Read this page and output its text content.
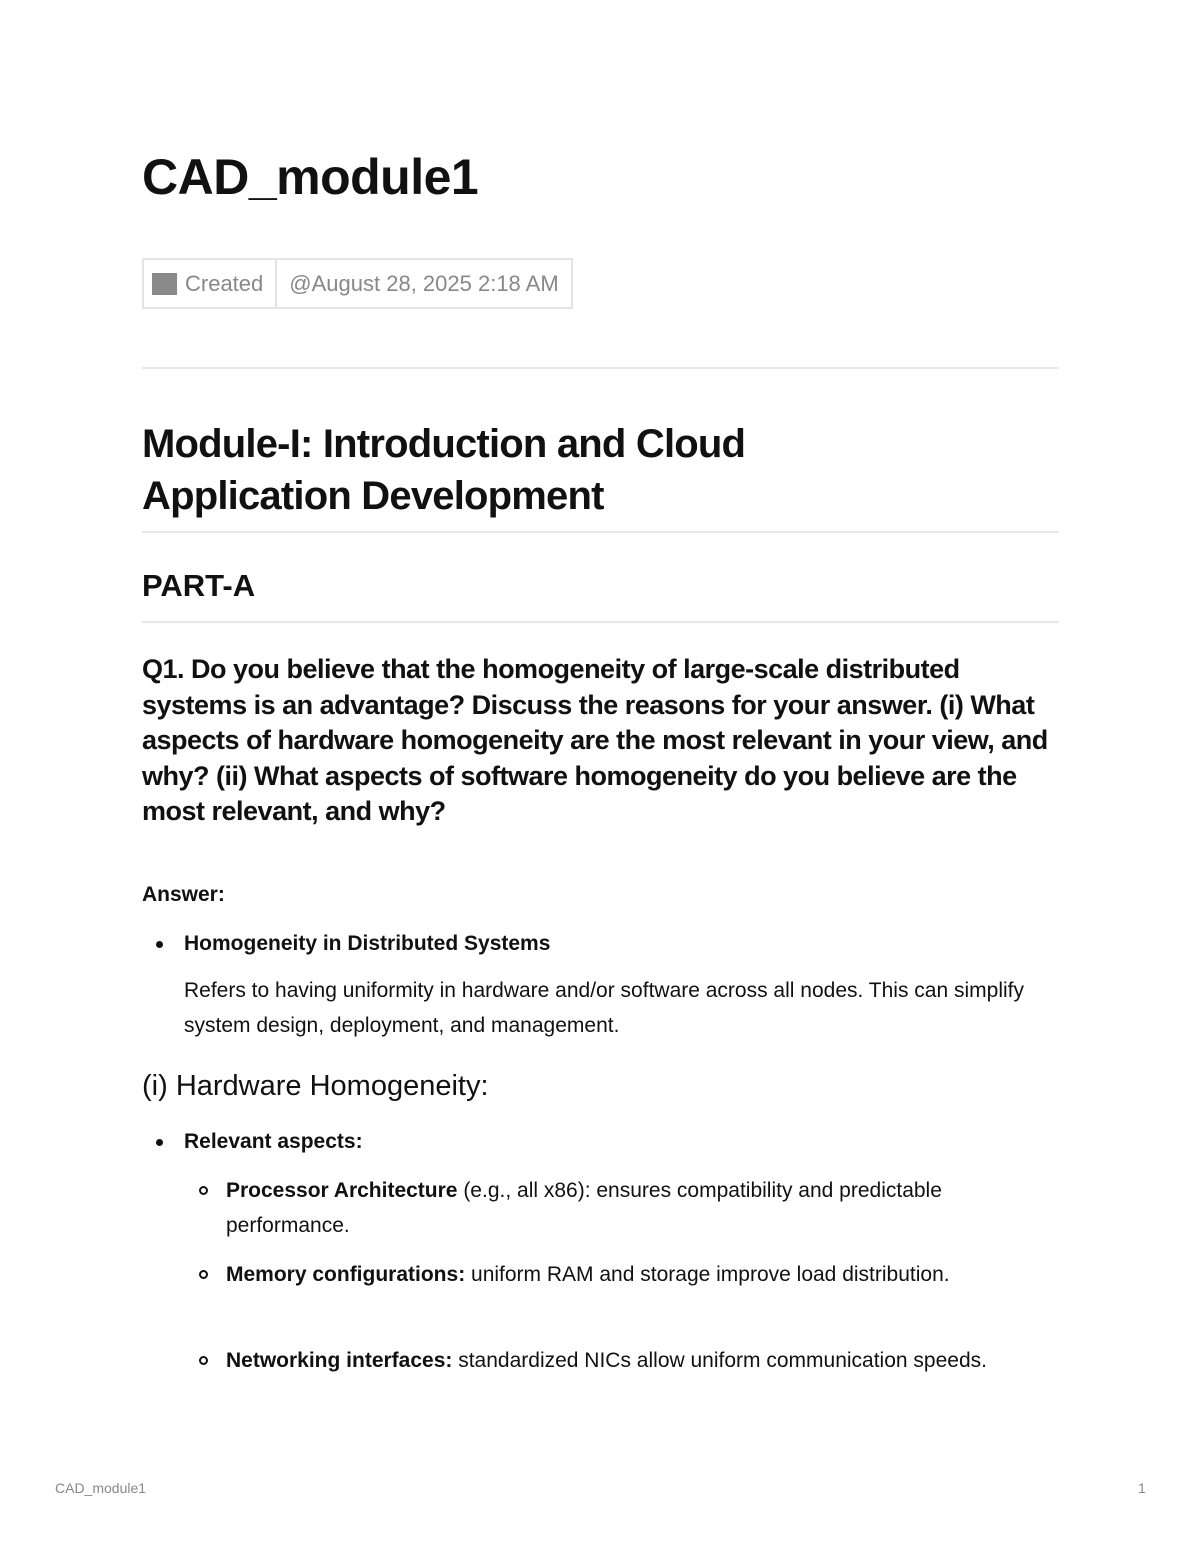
CAD_module1
Created	@August 28, 2025 2:18 AM
Module-I: Introduction and Cloud Application Development
PART-A
Q1. Do you believe that the homogeneity of large-scale distributed systems is an advantage? Discuss the reasons for your answer. (i) What aspects of hardware homogeneity are the most relevant in your view, and why? (ii) What aspects of software homogeneity do you believe are the most relevant, and why?
Answer:
Homogeneity in Distributed Systems
Refers to having uniformity in hardware and/or software across all nodes. This can simplify system design, deployment, and management.
(i) Hardware Homogeneity:
Relevant aspects:
Processor Architecture (e.g., all x86): ensures compatibility and predictable performance.
Memory configurations: uniform RAM and storage improve load distribution.
Networking interfaces: standardized NICs allow uniform communication speeds.
CAD_module1	1
